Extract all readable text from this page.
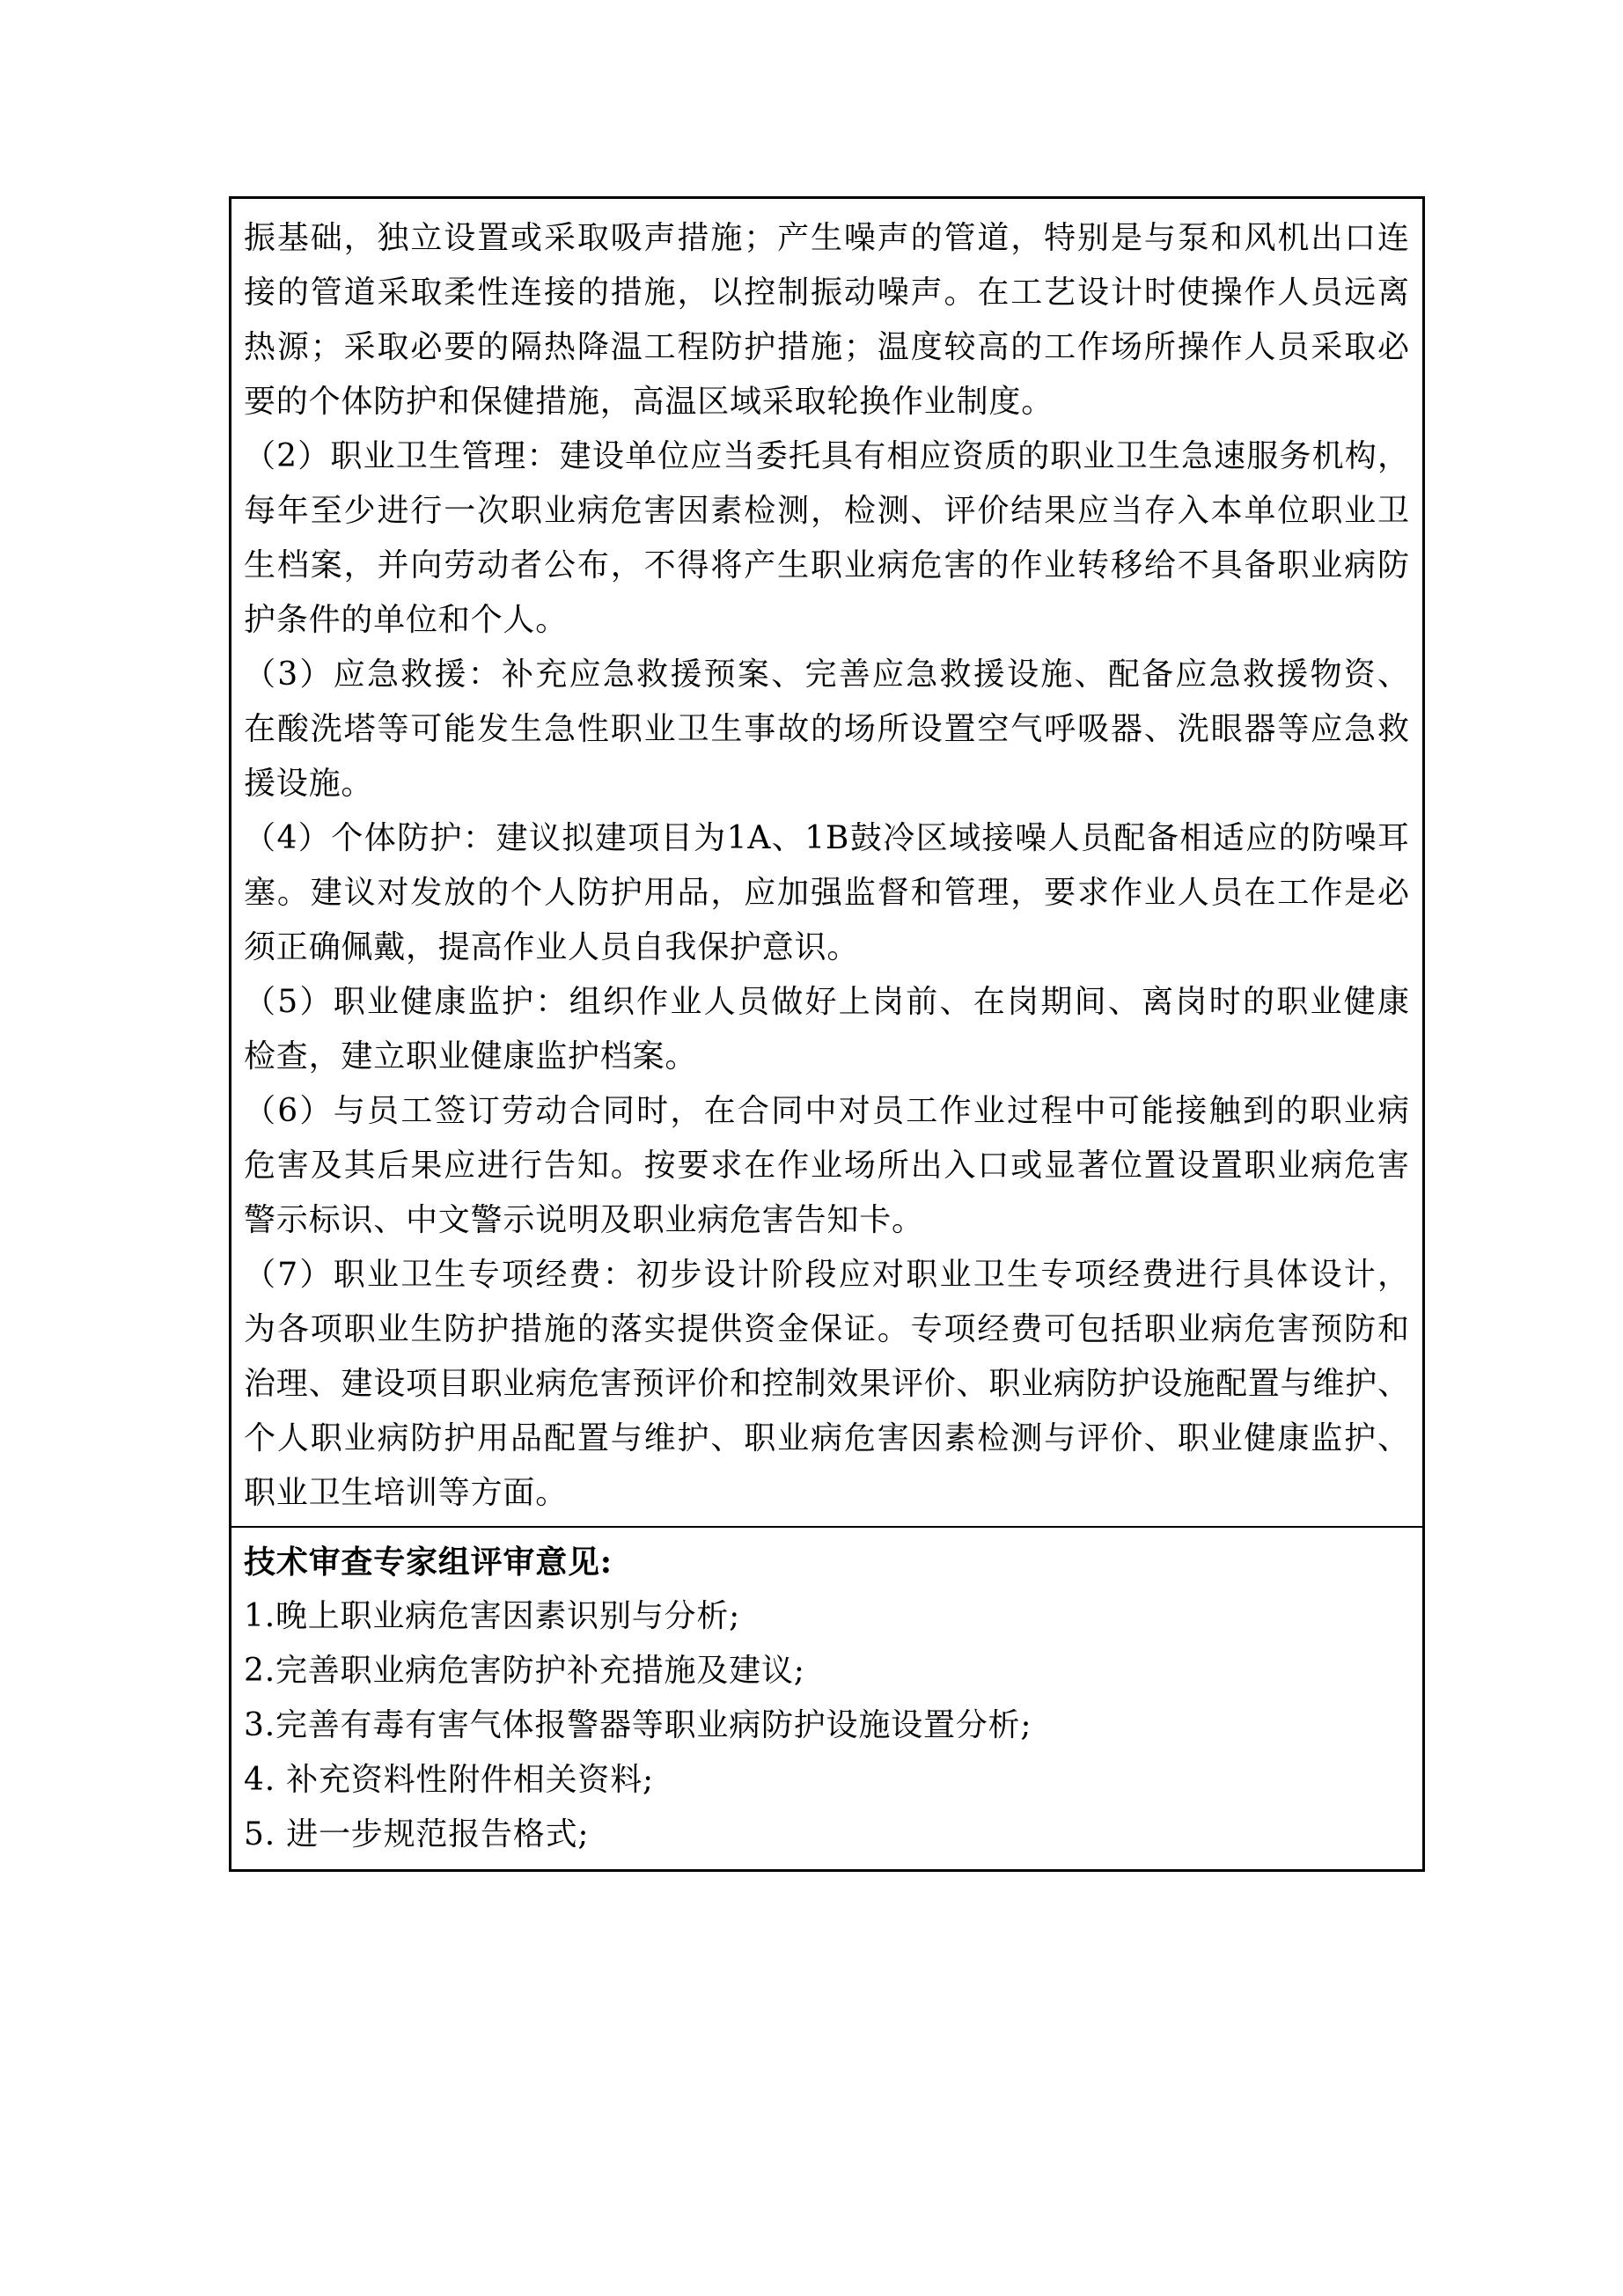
振基础，独立设置或采取吸声措施；产生噪声的管道，特别是与泵和风机出口连
接的管道采取柔性连接的措施，以控制振动噪声。在工艺设计时使操作人员远离
热源；采取必要的隔热降温工程防护措施；温度较高的工作场所操作人员采取必
要的个体防护和保健措施，高温区域采取轮换作业制度。
（2）职业卫生管理：建设单位应当委托具有相应资质的职业卫生急速服务机构，
每年至少进行一次职业病危害因素检测，检测、评价结果应当存入本单位职业卫
生档案，并向劳动者公布，不得将产生职业病危害的作业转移给不具备职业病防
护条件的单位和个人。
（3）应急救援：补充应急救援预案、完善应急救援设施、配备应急救援物资、
在酸洗塔等可能发生急性职业卫生事故的场所设置空气呼吸器、洗眼器等应急救
援设施。
（4）个体防护：建议拟建项目为1A、1B鼓冷区域接噪人员配备相适应的防噪耳
塞。建议对发放的个人防护用品，应加强监督和管理，要求作业人员在工作是必
须正确佩戴，提高作业人员自我保护意识。
（5）职业健康监护：组织作业人员做好上岗前、在岗期间、离岗时的职业健康
检查，建立职业健康监护档案。
（6）与员工签订劳动合同时，在合同中对员工作业过程中可能接触到的职业病
危害及其后果应进行告知。按要求在作业场所出入口或显著位置设置职业病危害
警示标识、中文警示说明及职业病危害告知卡。
（7）职业卫生专项经费：初步设计阶段应对职业卫生专项经费进行具体设计，
为各项职业生防护措施的落实提供资金保证。专项经费可包括职业病危害预防和
治理、建设项目职业病危害预评价和控制效果评价、职业病防护设施配置与维护、
个人职业病防护用品配置与维护、职业病危害因素检测与评价、职业健康监护、
职业卫生培训等方面。

技术审查专家组评审意见:
1.晚上职业病危害因素识别与分析;
2.完善职业病危害防护补充措施及建议;
3.完善有毒有害气体报警器等职业病防护设施设置分析;
4. 补充资料性附件相关资料;
5. 进一步规范报告格式;
